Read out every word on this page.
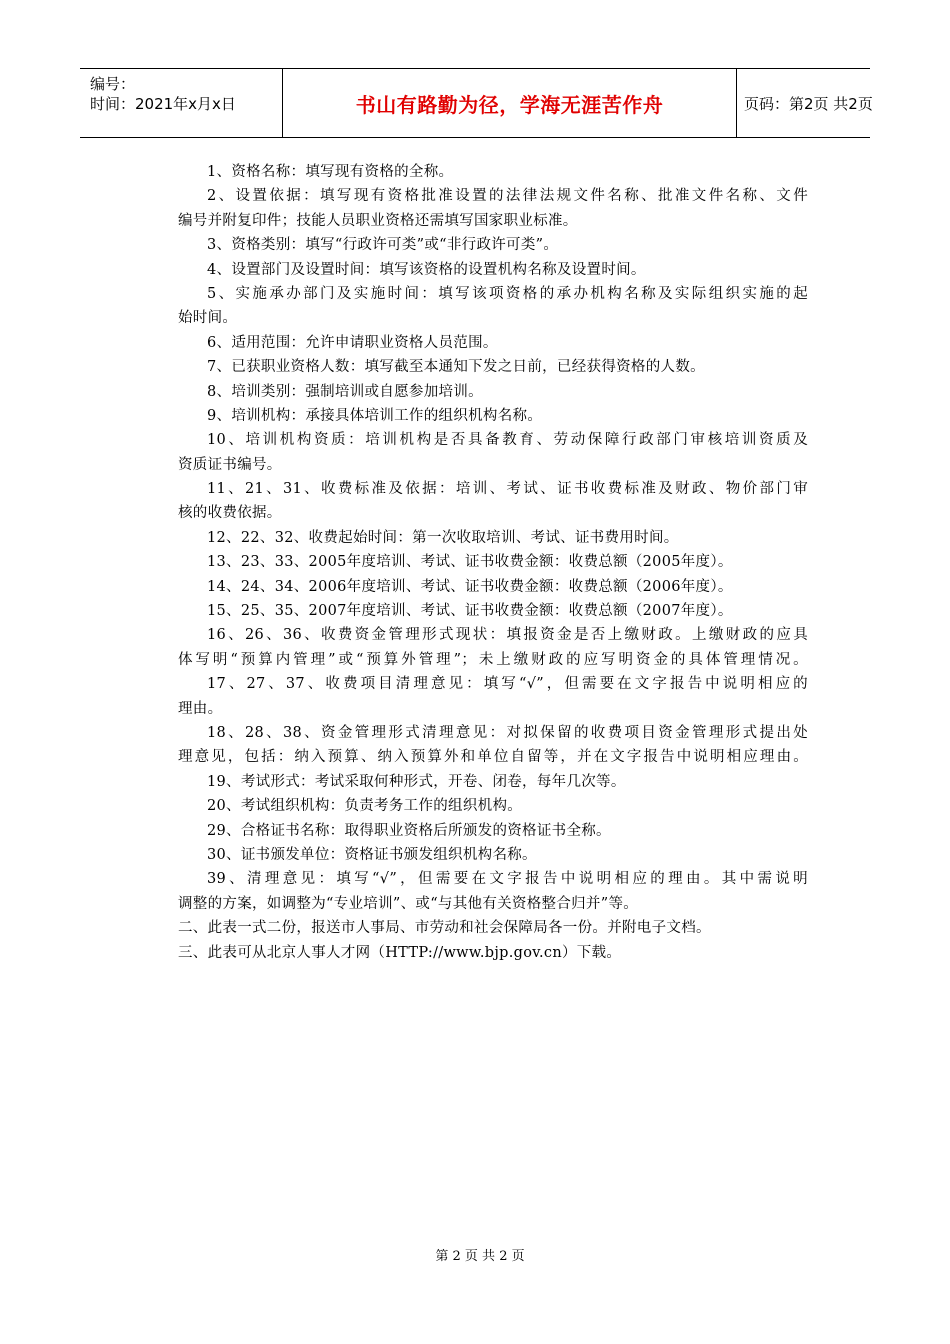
编号：
时间：2021年x月x日	书山有路勤为径，学海无涯苦作舟	页码：第2页 共2页
1、资格名称：填写现有资格的全称。
2、设置依据：填写现有资格批准设置的法律法规文件名称、批准文件名称、文件
编号并附复印件；技能人员职业资格还需填写国家职业标准。
3、资格类别：填写“行政许可类”或“非行政许可类”。
4、设置部门及设置时间：填写该资格的设置机构名称及设置时间。
5、实施承办部门及实施时间：填写该项资格的承办机构名称及实际组织实施的起
始时间。
6、适用范围：允许申请职业资格人员范围。
7、已获职业资格人数：填写截至本通知下发之日前，已经获得资格的人数。
8、培训类别：强制培训或自愿参加培训。
9、培训机构：承接具体培训工作的组织机构名称。
10、培训机构资质：培训机构是否具备教育、劳动保障行政部门审核培训资质及
资质证书编号。
11、21、31、收费标准及依据：培训、考试、证书收费标准及财政、物价部门审
核的收费依据。
12、22、32、收费起始时间：第一次收取培训、考试、证书费用时间。
13、23、33、2005年度培训、考试、证书收费金额：收费总额（2005年度）。
14、24、34、2006年度培训、考试、证书收费金额：收费总额（2006年度）。
15、25、35、2007年度培训、考试、证书收费金额：收费总额（2007年度）。
16、26、36、收费资金管理形式现状：填报资金是否上缴财政。上缴财政的应具
体写明“预算内管理”或“预算外管理”；未上缴财政的应写明资金的具体管理情况。
17、27、37、收费项目清理意见：填写“√”，但需要在文字报告中说明相应的
理由。
18、28、38、资金管理形式清理意见：对拟保留的收费项目资金管理形式提出处
理意见，包括：纳入预算、纳入预算外和单位自留等，并在文字报告中说明相应理由。
19、考试形式：考试采取何种形式，开卷、闭卷，每年几次等。
20、考试组织机构：负责考务工作的组织机构。
29、合格证书名称：取得职业资格后所颁发的资格证书全称。
30、证书颁发单位：资格证书颁发组织机构名称。
39、清理意见：填写“√”，但需要在文字报告中说明相应的理由。其中需说明
调整的方案，如调整为“专业培训”、或“与其他有关资格整合归并”等。
二、此表一式二份，报送市人事局、市劳动和社会保障局各一份。并附电子文档。
三、此表可从北京人事人才网（HTTP://www.bjp.gov.cn）下载。
第 2 页 共 2 页
